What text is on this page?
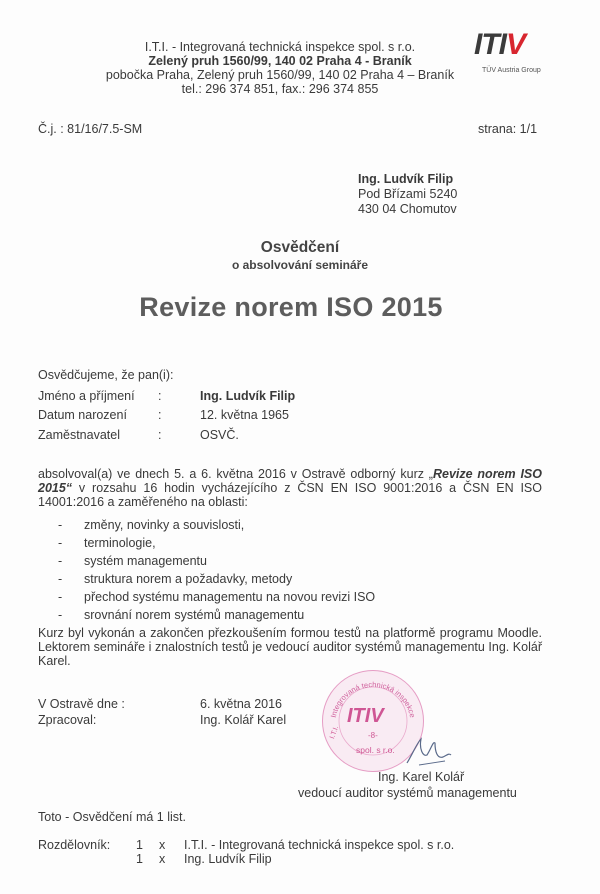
I.T.I. - Integrovaná technická inspekce spol. s r.o.
Zelený pruh 1560/99, 140 02 Praha 4 - Braník
pobočka Praha, Zelený pruh 1560/99, 140 02 Praha 4 – Braník
tel.: 296 374 851, fax.: 296 374 855
ITIV
TÜV Austria Group
Č.j. : 81/16/7.5-SM	strana: 1/1
Ing. Ludvík Filip
Pod Břízami 5240
430 04 Chomutov
Osvědčení
o absolvování semináře
Revize norem ISO 2015
Osvědčujeme, že pan(i):
Jméno a příjmení :	Ing. Ludvík Filip
Datum narození :	12. května 1965
Zaměstnavatel	:	OSVČ.
absolvoval(a) ve dnech 5. a 6. května 2016 v Ostravě odborný kurz „Revize norem ISO 2015“ v rozsahu 16 hodin vycházejícího z ČSN EN ISO 9001:2016 a ČSN EN ISO 14001:2016 a zaměřeného na oblasti:
- změny, novinky a souvislosti,
- terminologie,
- systém managementu
- struktura norem a požadavky, metody
- přechod systému managementu na novou revizi ISO
- srovnání norem systémů managementu
Kurz byl vykonán a zakončen přezkoušením formou testů na platformě programu Moodle. Lektorem semináře i znalostních testů je vedoucí auditor systémů managementu Ing. Kolář Karel.
V Ostravě dne :	6. května 2016
Zpracoval:	Ing. Kolář Karel	Integrovaná technická inspekce
ITIV
-8-
spol. s r.o.
I.T.I.
Ing. Karel Kolář
vedoucí auditor systémů managementu
Toto - Osvědčení má 1 list.
Rozdělovník: 1 x I.T.I. - Integrovaná technická inspekce spol. s r.o.
1 x Ing. Ludvík Filip
